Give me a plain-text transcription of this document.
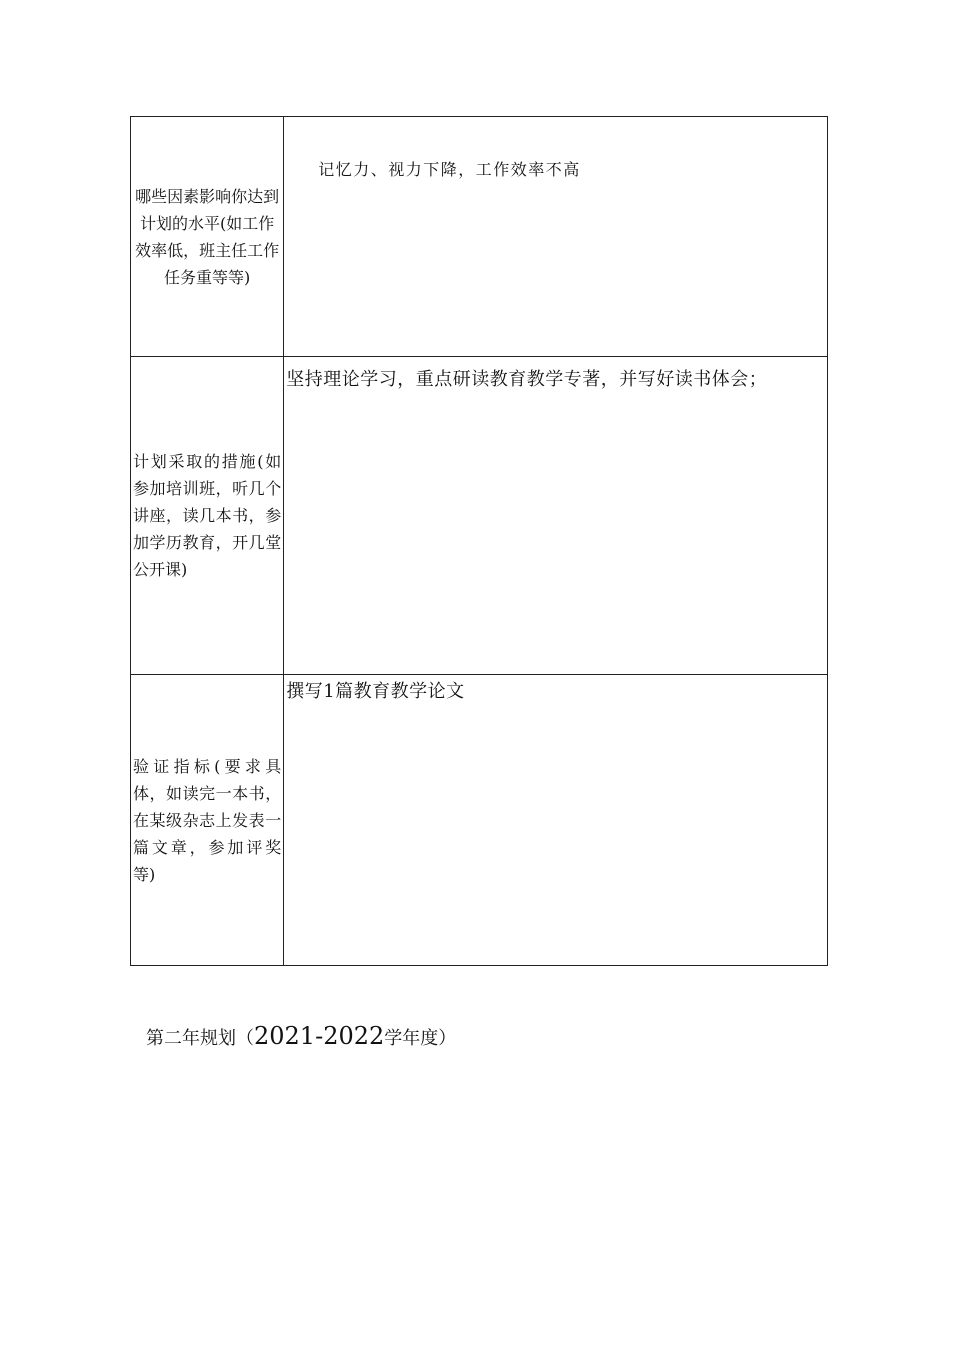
哪些因素影响你达到计划的水平(如工作效率低，班主任工作任务重等等)	记忆力、视力下降，工作效率不高

计划采取的措施(如参加培训班，听几个讲座，读几本书，参加学历教育，开几堂公开课)	坚持理论学习，重点研读教育教学专著，并写好读书体会；

验证指标(要求具体，如读完一本书，在某级杂志上发表一篇文章，参加评奖等)	撰写1篇教育教学论文
第二年规划（2021-2022学年度）
